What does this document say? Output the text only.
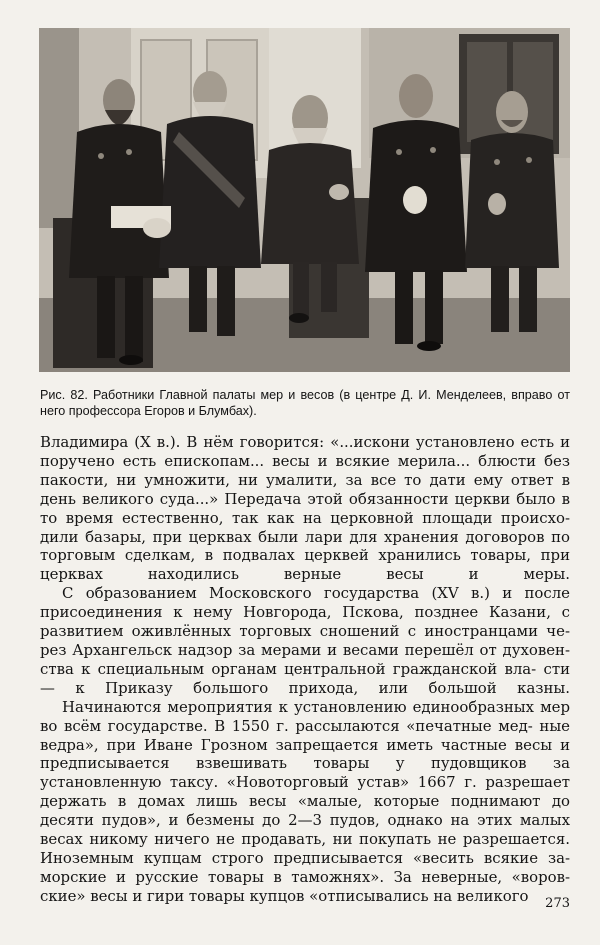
Рис. 82. Работники Главной палаты мер и весов (в центре Д. И. Менделеев, вправо от него профессора Егоров и Блумбах).

Владимира (X в.). В нём говорится: «...искони установлено есть и поручено есть епископам... весы и всякие мерила... блюсти без пакости, ни умножити, ни умалити, за все то дати ему ответ в день великого суда...» Передача этой обязанности церкви было в то время естественно, так как на церковной площади происхо- дили базары, при церквах были лари для хранения договоров по торговым сделкам, в подвалах церквей хранились товары, при церквах находились верные весы и меры.

С образованием Московского государства (XV в.) и после присоединения к нему Новгорода, Пскова, позднее Казани, с развитием оживлённых торговых сношений с иностранцами че- рез Архангельск надзор за мерами и весами перешёл от духовен- ства к специальным органам центральной гражданской вла- сти — к Приказу большого прихода, или большой казны.

Начинаются мероприятия к установлению единообразных мер во всём государстве. В 1550 г. рассылаются «печатные мед- ные ведра», при Иване Грозном запрещается иметь частные весы и предписывается взвешивать товары у пудовщиков за установленную таксу. «Новоторговый устав» 1667 г. разрешает держать в домах лишь весы «малые, которые поднимают до десяти пудов», и безмены до 2—3 пудов, однако на этих малых весах никому ничего не продавать, ни покупать не разрешается. Иноземным купцам строго предписывается «весить всякие за- морские и русские товары в таможнях». За неверные, «воров- ские» весы и гири товары купцов «отписывались на великого	273
